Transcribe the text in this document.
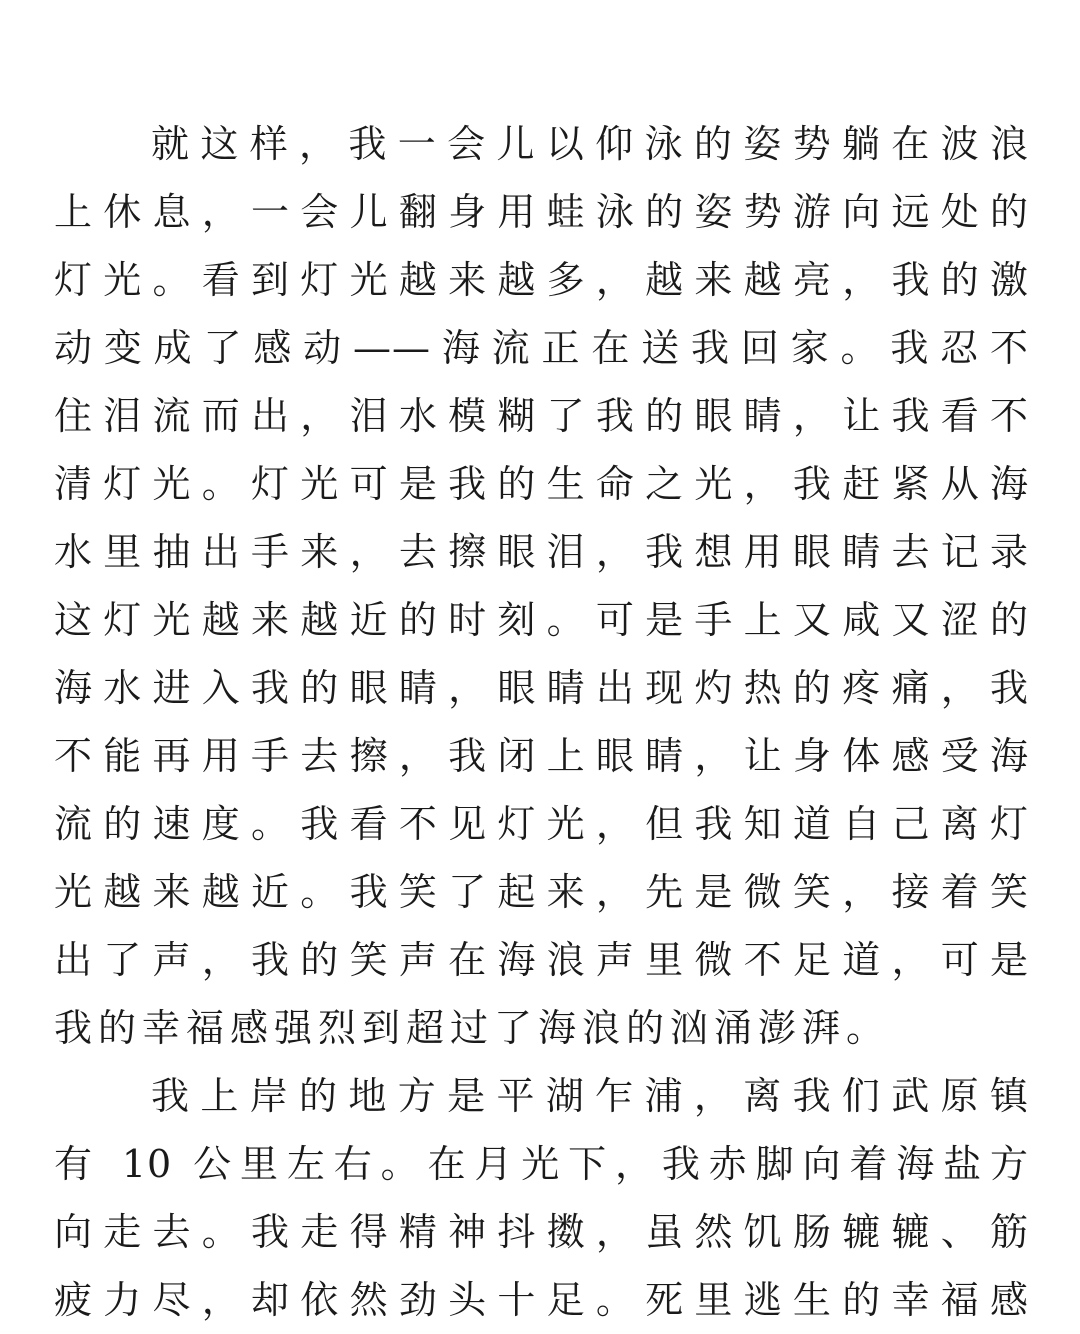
就这样，我一会儿以仰泳的姿势躺在波浪
上休息，一会儿翻身用蛙泳的姿势游向远处的
灯光。看到灯光越来越多，越来越亮，我的激
动变成了感动——海流正在送我回家。我忍不
住泪流而出，泪水模糊了我的眼睛，让我看不
清灯光。灯光可是我的生命之光，我赶紧从海
水里抽出手来，去擦眼泪，我想用眼睛去记录
这灯光越来越近的时刻。可是手上又咸又涩的
海水进入我的眼睛，眼睛出现灼热的疼痛，我
不能再用手去擦，我闭上眼睛，让身体感受海
流的速度。我看不见灯光，但我知道自己离灯
光越来越近。我笑了起来，先是微笑，接着笑
出了声，我的笑声在海浪声里微不足道，可是
我的幸福感强烈到超过了海浪的汹涌澎湃。
我上岸的地方是平湖乍浦，离我们武原镇
有 10 公里左右。在月光下，我赤脚向着海盐方
向走去。我走得精神抖擞，虽然饥肠辘辘、筋
疲力尽，却依然劲头十足。死里逃生的幸福感
